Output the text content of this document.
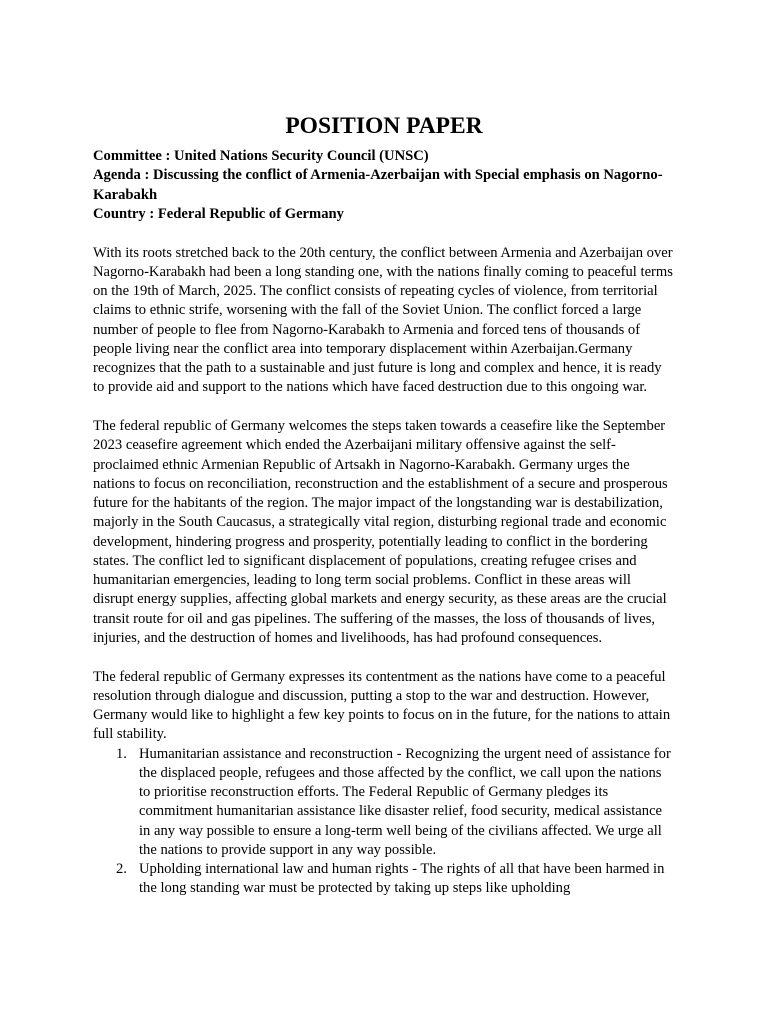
POSITION PAPER
Committee : United Nations Security Council (UNSC)
Agenda : Discussing the conflict of Armenia-Azerbaijan with Special emphasis on Nagorno-Karabakh
Country : Federal Republic of Germany

With its roots stretched back to the 20th century, the conflict between Armenia and Azerbaijan over Nagorno-Karabakh had been a long standing one, with the nations finally coming to peaceful terms on the 19th of March, 2025. The conflict consists of repeating cycles of violence, from territorial claims to ethnic strife, worsening with the fall of the Soviet Union. The conflict forced a large number of people to flee from Nagorno-Karabakh to Armenia and forced tens of thousands of people living near the conflict area into temporary displacement within Azerbaijan.Germany recognizes that the path to a sustainable and just future is long and complex and hence, it is ready to provide aid and support to the nations which have faced destruction due to this ongoing war.

The federal republic of Germany welcomes the steps taken towards a ceasefire like the September 2023 ceasefire agreement which ended the Azerbaijani military offensive against the self-proclaimed ethnic Armenian Republic of Artsakh in Nagorno-Karabakh. Germany urges the nations to focus on reconciliation, reconstruction and the establishment of a secure and prosperous future for the habitants of the region. The major impact of the longstanding war is destabilization, majorly in the South Caucasus, a strategically vital region, disturbing regional trade and economic development, hindering progress and prosperity, potentially leading to conflict in the bordering states. The conflict led to significant displacement of populations, creating refugee crises and humanitarian emergencies, leading to long term social problems. Conflict in these areas will disrupt energy supplies, affecting global markets and energy security, as these areas are the crucial transit route for oil and gas pipelines. The suffering of the masses, the loss of thousands of lives, injuries, and the destruction of homes and livelihoods, has had profound consequences.

The federal republic of Germany expresses its contentment as the nations have come to a peaceful resolution through dialogue and discussion, putting a stop to the war and destruction. However, Germany would like to highlight a few key points to focus on in the future, for the nations to attain full stability.

1. Humanitarian assistance and reconstruction - Recognizing the urgent need of assistance for the displaced people, refugees and those affected by the conflict, we call upon the nations to prioritise reconstruction efforts. The Federal Republic of Germany pledges its commitment humanitarian assistance like disaster relief, food security, medical assistance in any way possible to ensure a long-term well being of the civilians affected. We urge all the nations to provide support in any way possible.
2. Upholding international law and human rights - The rights of all that have been harmed in the long standing war must be protected by taking up steps like upholding
